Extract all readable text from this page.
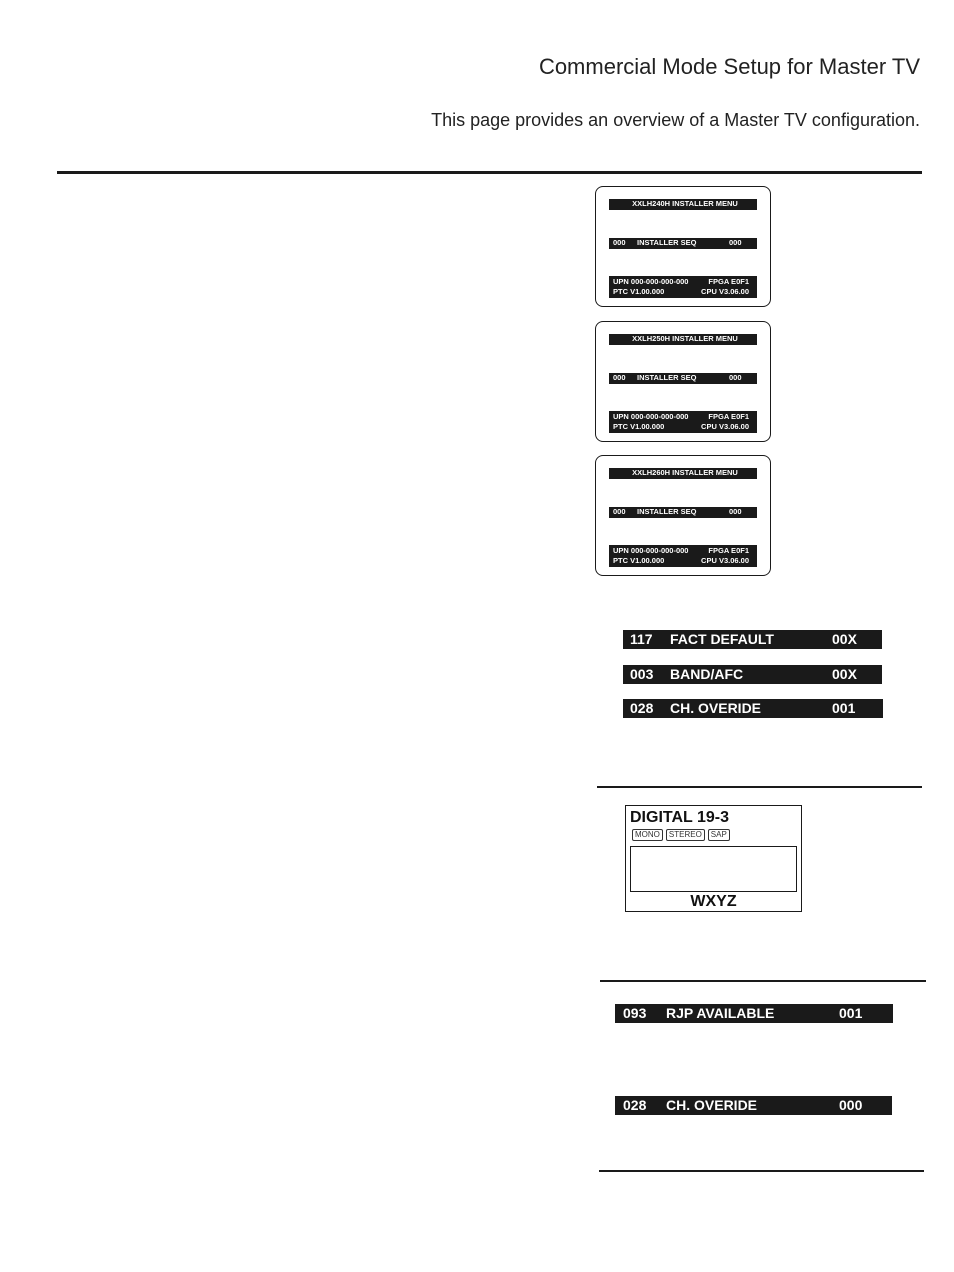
Commercial Mode Setup for Master TV
This page provides an overview of a Master TV configuration.
XXLH240H INSTALLER MENU
000 INSTALLER SEQ	000
UPN 000-000-000-000	FPGA E0F1
PTC V1.00.000	CPU V3.06.00
XXLH250H INSTALLER MENU
000 INSTALLER SEQ	000
UPN 000-000-000-000	FPGA E0F1
PTC V1.00.000	CPU V3.06.00
XXLH260H INSTALLER MENU
000 INSTALLER SEQ	000
UPN 000-000-000-000	FPGA E0F1
PTC V1.00.000	CPU V3.06.00
117 FACT DEFAULT	00X
003 BAND/AFC	00X
028 CH. OVERIDE	001
DIGITAL 19-3
MONO	STEREO	SAP
WXYZ
093 RJP AVAILABLE	001
028 CH. OVERIDE	000
